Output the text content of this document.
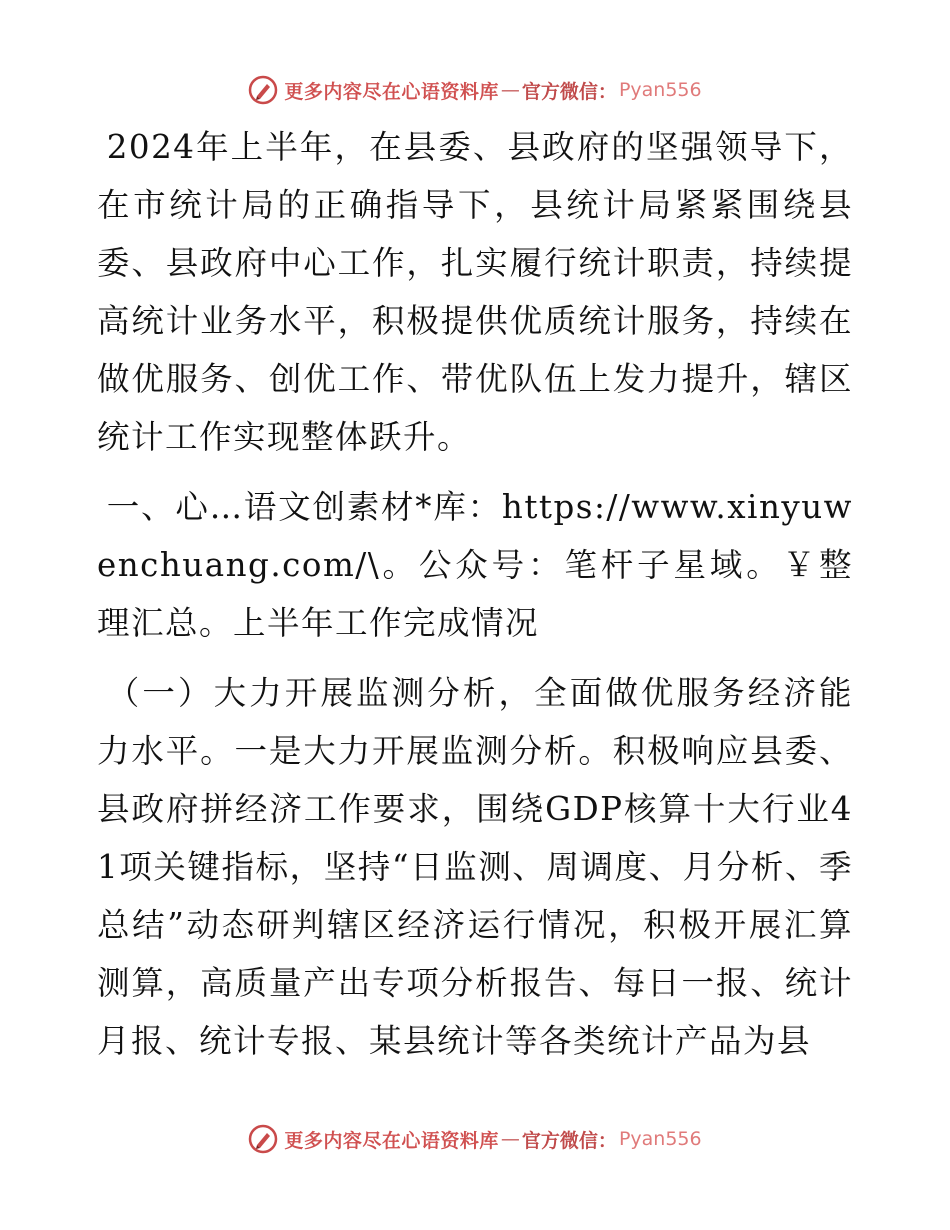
更多内容尽在心语资料库 — 官方微信： Pyan556

2024年上半年，在县委、县政府的坚强领导下，在市统计局的正确指导下，县统计局紧紧围绕县委、县政府中心工作，扎实履行统计职责，持续提高统计业务水平，积极提供优质统计服务，持续在做优服务、创优工作、带优队伍上发力提升，辖区统计工作实现整体跃升。

一、心…语文创素材*库：https://www.xinyuwenchuang.com/\。公众号：笔杆子星域。￥整理汇总。上半年工作完成情况

（一）大力开展监测分析，全面做优服务经济能力水平。一是大力开展监测分析。积极响应县委、县政府拼经济工作要求，围绕GDP核算十大行业41项关键指标，坚持“日监测、周调度、月分析、季总结”动态研判辖区经济运行情况，积极开展汇算测算，高质量产出专项分析报告、每日一报、统计月报、统计专报、某县统计等各类统计产品为县

更多内容尽在心语资料库 — 官方微信： Pyan556
